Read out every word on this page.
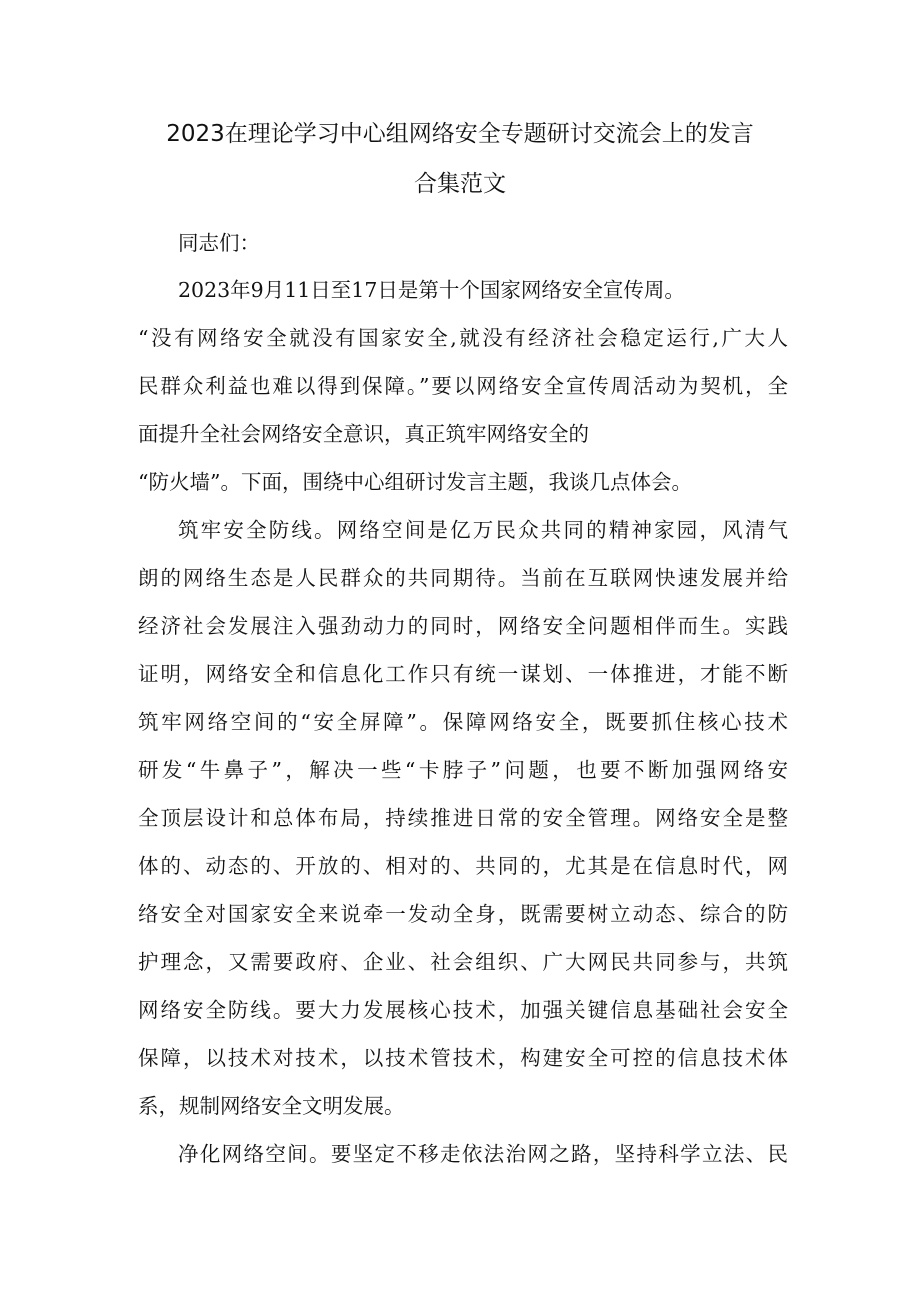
2023在理论学习中心组网络安全专题研讨交流会上的发言
合集范文
同志们：
2023年9月11日至17日是第十个国家网络安全宣传周。
“没有网络安全就没有国家安全,就没有经济社会稳定运行,广大人
民群众利益也难以得到保障。”要以网络安全宣传周活动为契机，全
面提升全社会网络安全意识，真正筑牢网络安全的
“防火墙”。下面，围绕中心组研讨发言主题，我谈几点体会。
筑牢安全防线。网络空间是亿万民众共同的精神家园，风清气
朗的网络生态是人民群众的共同期待。当前在互联网快速发展并给
经济社会发展注入强劲动力的同时，网络安全问题相伴而生。实践
证明，网络安全和信息化工作只有统一谋划、一体推进，才能不断
筑牢网络空间的“安全屏障”。保障网络安全，既要抓住核心技术
研发“牛鼻子”，解决一些“卡脖子”问题，也要不断加强网络安
全顶层设计和总体布局，持续推进日常的安全管理。网络安全是整
体的、动态的、开放的、相对的、共同的，尤其是在信息时代，网
络安全对国家安全来说牵一发动全身，既需要树立动态、综合的防
护理念，又需要政府、企业、社会组织、广大网民共同参与，共筑
网络安全防线。要大力发展核心技术，加强关键信息基础社会安全
保障，以技术对技术，以技术管技术，构建安全可控的信息技术体
系，规制网络安全文明发展。
净化网络空间。要坚定不移走依法治网之路，坚持科学立法、民
